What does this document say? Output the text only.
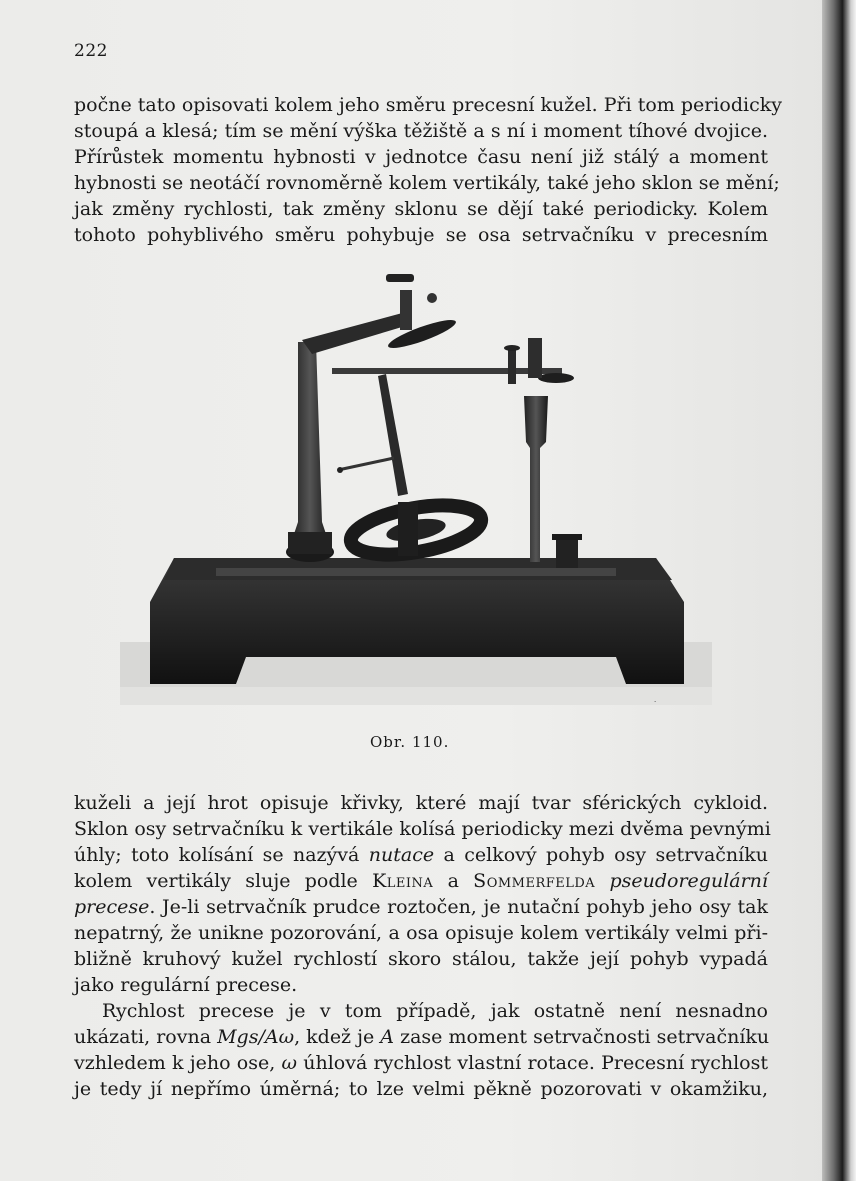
222
počne tato opisovati kolem jeho směru precesní kužel. Při tom periodicky
stoupá a klesá; tím se mění výška těžiště a s ní i moment tíhové dvojice.
Přírůstek momentu hybnosti v jednotce času není již stálý a moment
hybnosti se neotáčí rovnoměrně kolem vertikály, také jeho sklon se mění;
jak změny rychlosti, tak změny sklonu se dějí také periodicky. Kolem
tohoto pohyblivého směru pohybuje se osa setrvačníku v precesním
·
Obr. 110.
kuželi a její hrot opisuje křivky, které mají tvar sférických cykloid.
Sklon osy setrvačníku k vertikále kolísá periodicky mezi dvěma pevnými
úhly; toto kolísání se nazývá nutace a celkový pohyb osy setrvačníku
kolem vertikály sluje podle Kleina a Sommerfelda pseudoregulární
precese. Je-li setrvačník prudce roztočen, je nutační pohyb jeho osy tak
nepatrný, že unikne pozorování, a osa opisuje kolem vertikály velmi při-
bližně kruhový kužel rychlostí skoro stálou, takže její pohyb vypadá
jako regulární precese.
Rychlost precese je v tom případě, jak ostatně není nesnadno
ukázati, rovna Mgs/Aω, kdež je A zase moment setrvačnosti setrvačníku
vzhledem k jeho ose, ω úhlová rychlost vlastní rotace. Precesní rychlost
je tedy jí nepřímo úměrná; to lze velmi pěkně pozorovati v okamžiku,
